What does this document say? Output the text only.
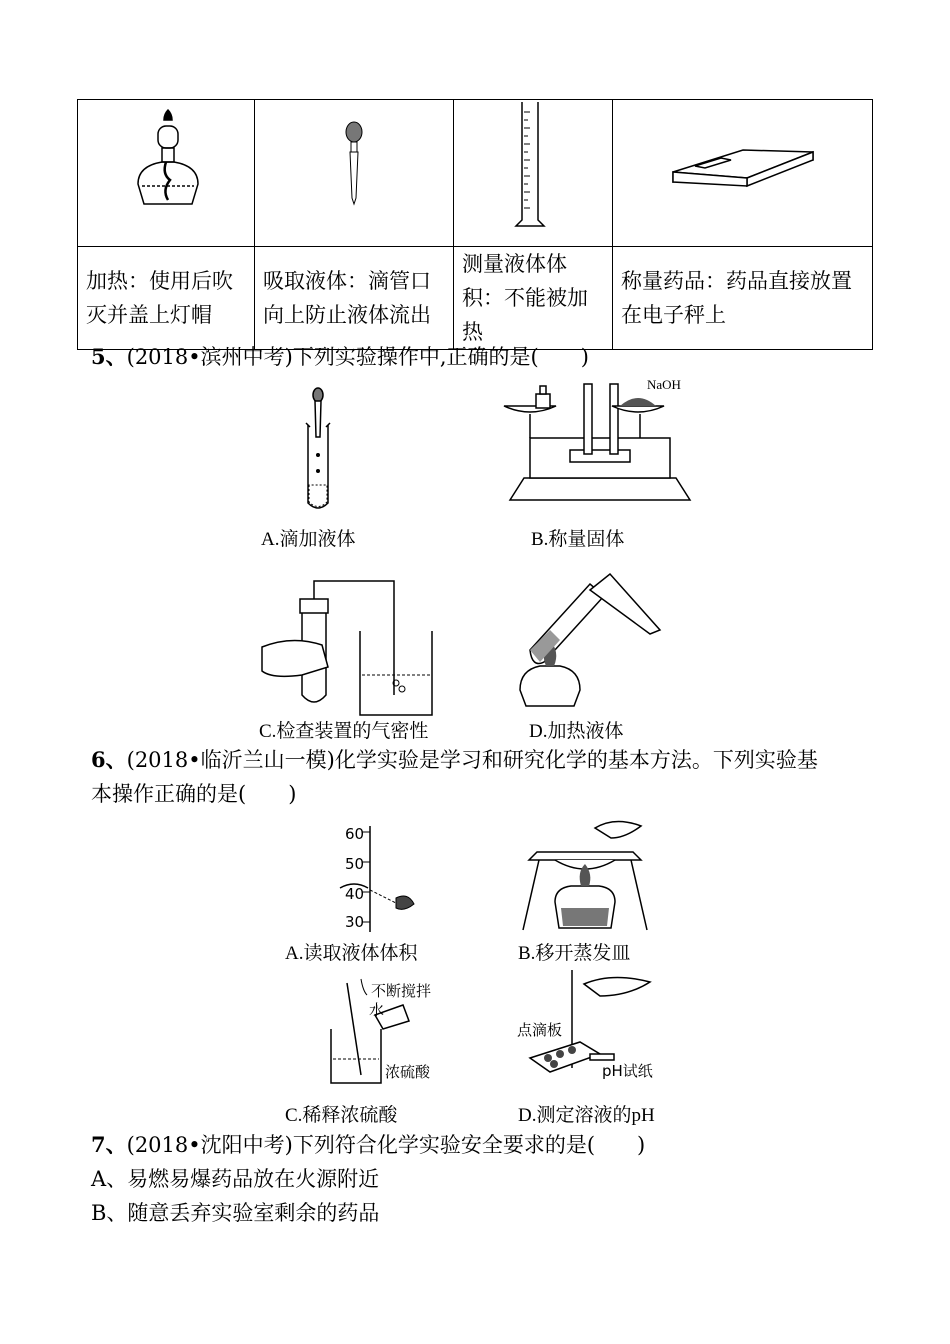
加热：使用后吹灭并盖上灯帽	吸取液体：滴管口向上防止液体流出	测量液体体积：不能被加热	称量药品：药品直接放置在电子秤上
5、(2018•滨州中考)下列实验操作中,正确的是(　　)
A.滴加液体
NaOH
B.称量固体
C.检查装置的气密性	D.加热液体
6、(2018•临沂兰山一模)化学实验是学习和研究化学的基本方法。下列实验基
本操作正确的是(　　)
60
50
40
30
A.读取液体体积	B.移开蒸发皿
不断搅拌
水
浓硫酸
C.稀释浓硫酸
点滴板
pH试纸
D.测定溶液的pH
7、(2018•沈阳中考)下列符合化学实验安全要求的是(　　)
A、易燃易爆药品放在火源附近
B、随意丢弃实验室剩余的药品
